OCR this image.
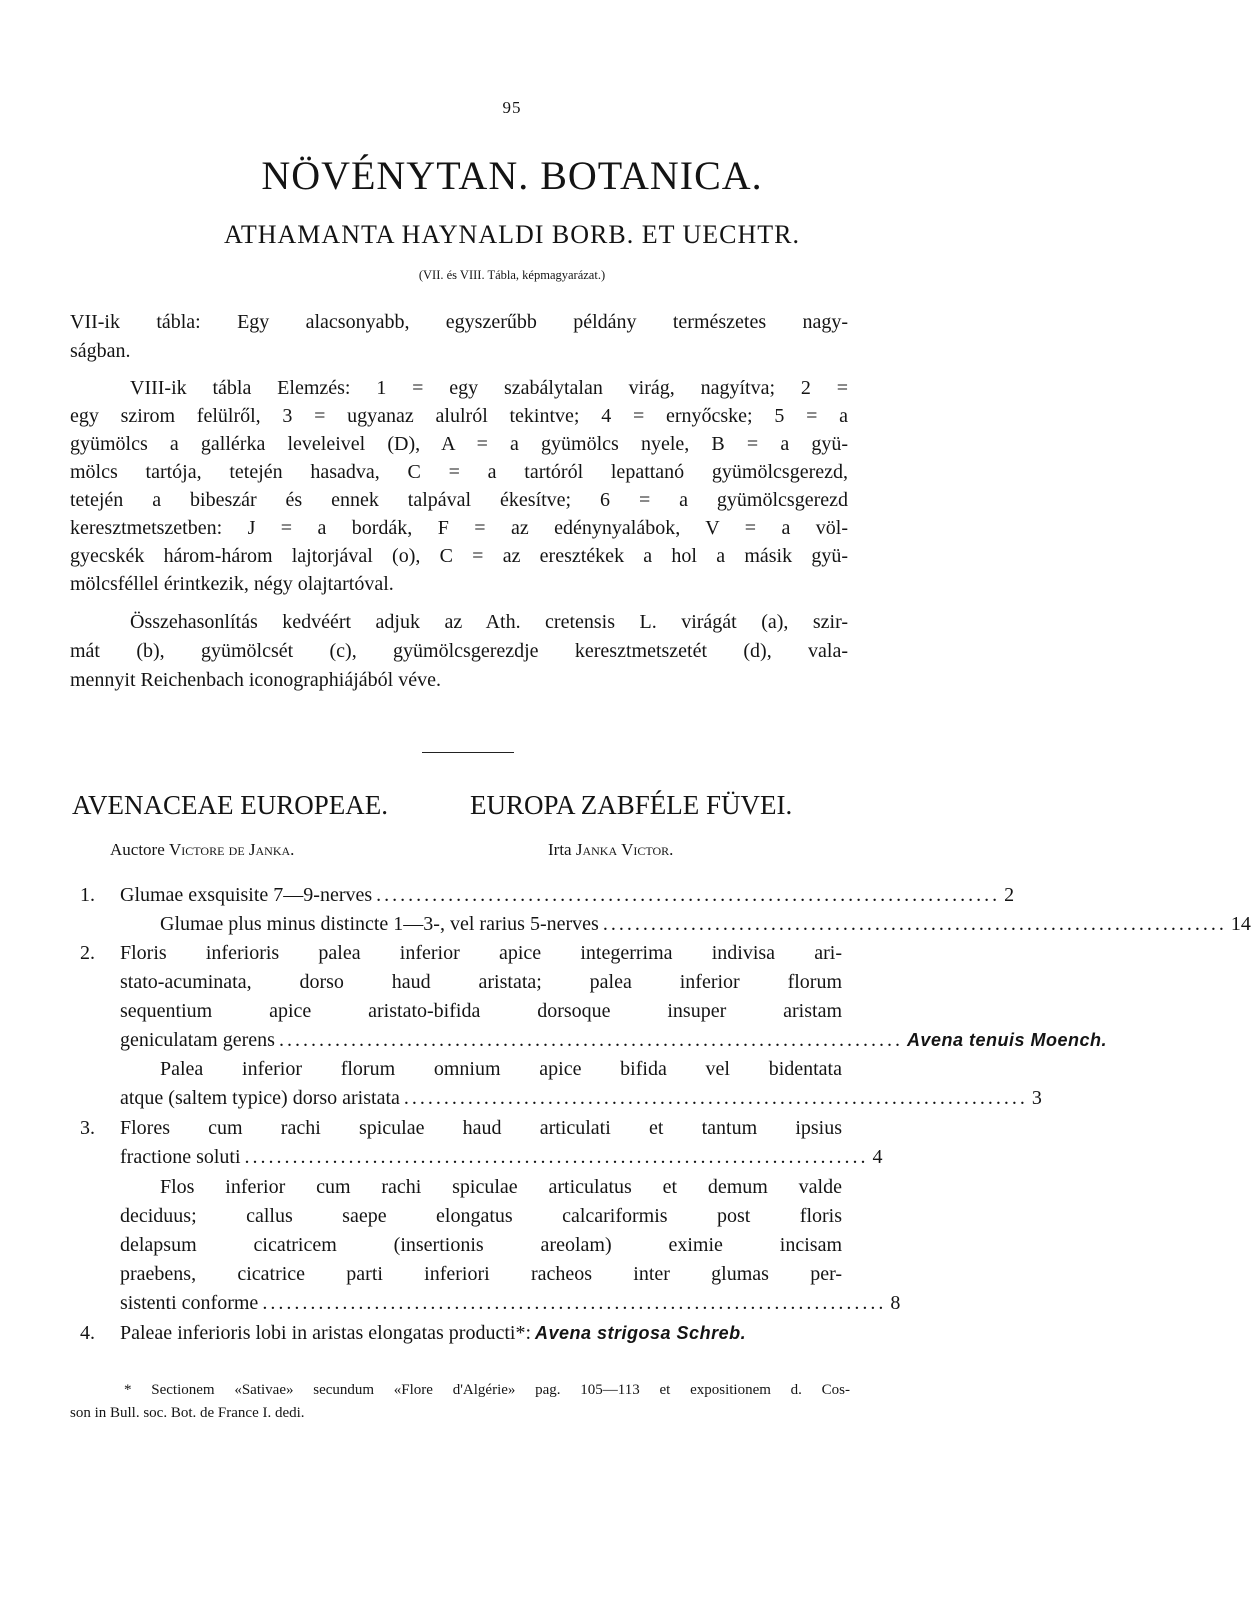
95
NÖVÉNYTAN. BOTANICA.
ATHAMANTA HAYNALDI BORB. ET UECHTR.
(VII. és VIII. Tábla, képmagyarázat.)
VII-ik tábla: Egy alacsonyabb, egyszerűbb példány természetes nagy-
ságban.
VIII-ik tábla Elemzés: 1 = egy szabálytalan virág, nagyítva; 2 =
egy szirom felülről, 3 = ugyanaz alulról tekintve; 4 = ernyőcske; 5 = a
gyümölcs a gallérka leveleivel (D), A = a gyümölcs nyele, B = a gyü-
mölcs tartója, tetején hasadva, C = a tartóról lepattanó gyümölcsgerezd,
tetején a bibeszár és ennek talpával ékesítve; 6 = a gyümölcsgerezd
keresztmetszetben: J = a bordák, F = az edénynyalábok, V = a völ-
gyecskék három-három lajtorjával (o), C = az eresztékek a hol a másik gyü-
mölcsféllel érintkezik, négy olajtartóval.
Összehasonlítás kedvéért adjuk az Ath. cretensis L. virágát (a), szir-
mát (b), gyümölcsét (c), gyümölcsgerezdje keresztmetszetét (d), vala-
mennyit Reichenbach iconographiájából véve.
AVENACEAE EUROPEAE.	EUROPA ZABFÉLE FÜVEI.
Auctore Victore de Janka.	Irta Janka Victor.
1. Glumae exsquisite 7—9-nerves .............................................................................. 2
Glumae plus minus distincte 1—3-, vel rarius 5-nerves .............................................................................. 14
2. Floris inferioris palea inferior apice integerrima indivisa ari-
stato-acuminata, dorso haud aristata; palea inferior florum
sequentium apice aristato-bifida dorsoque insuper aristam
geniculatam gerens .............................................................................. Avena tenuis Moench.
Palea inferior florum omnium apice bifida vel bidentata
atque (saltem typice) dorso aristata .............................................................................. 3
3. Flores cum rachi spiculae haud articulati et tantum ipsius
fractione soluti .............................................................................. 4
Flos inferior cum rachi spiculae articulatus et demum valde
deciduus; callus saepe elongatus calcariformis post floris
delapsum cicatricem (insertionis areolam) eximie incisam
praebens, cicatrice parti inferiori racheos inter glumas per-
sistenti conforme .............................................................................. 8
4. Paleae inferioris lobi in aristas elongatas producti*: Avena strigosa Schreb.
* Sectionem «Sativae» secundum «Flore d'Algérie» pag. 105—113 et expositionem d. Cos-
son in Bull. soc. Bot. de France I. dedi.
